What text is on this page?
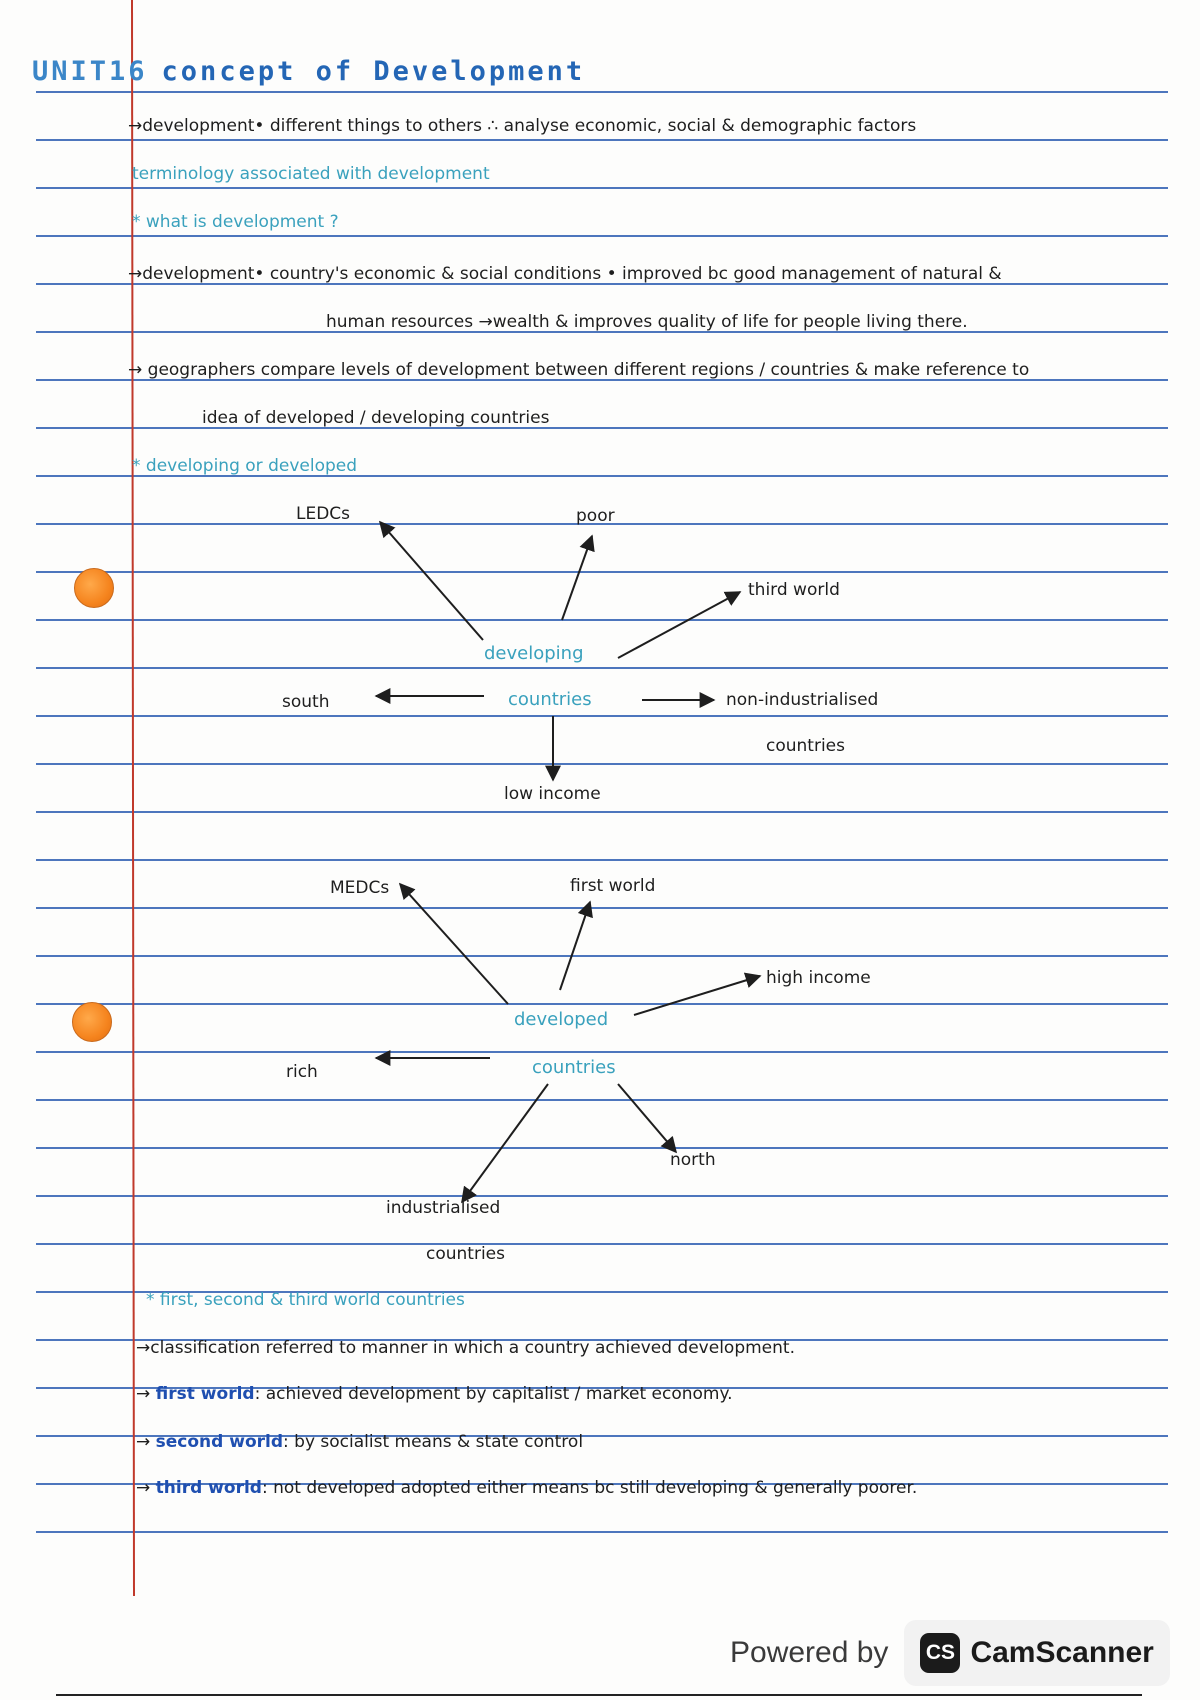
UNIT16 concept of Development
→development• different things to others ∴ analyse economic, social & demographic factors
terminology associated with development
* what is development ?
→development• country's economic & social conditions • improved bc good management of natural &
human resources →wealth & improves quality of life for people living there.
→ geographers compare levels of development between different regions / countries & make reference to
idea of developed / developing countries
* developing or developed
developing
countries
LEDCs	poor
third world
south	non-industrialised
countries
low income
developed
countries
MEDCs	first world
high income
rich
north
industrialised
countries
* first, second & third world countries
→classification referred to manner in which a country achieved development.
→ first world: achieved development by capitalist / market economy.
→ second world: by socialist means & state control
→ third world: not developed adopted either means bc still developing & generally poorer.
Powered by CS CamScanner
